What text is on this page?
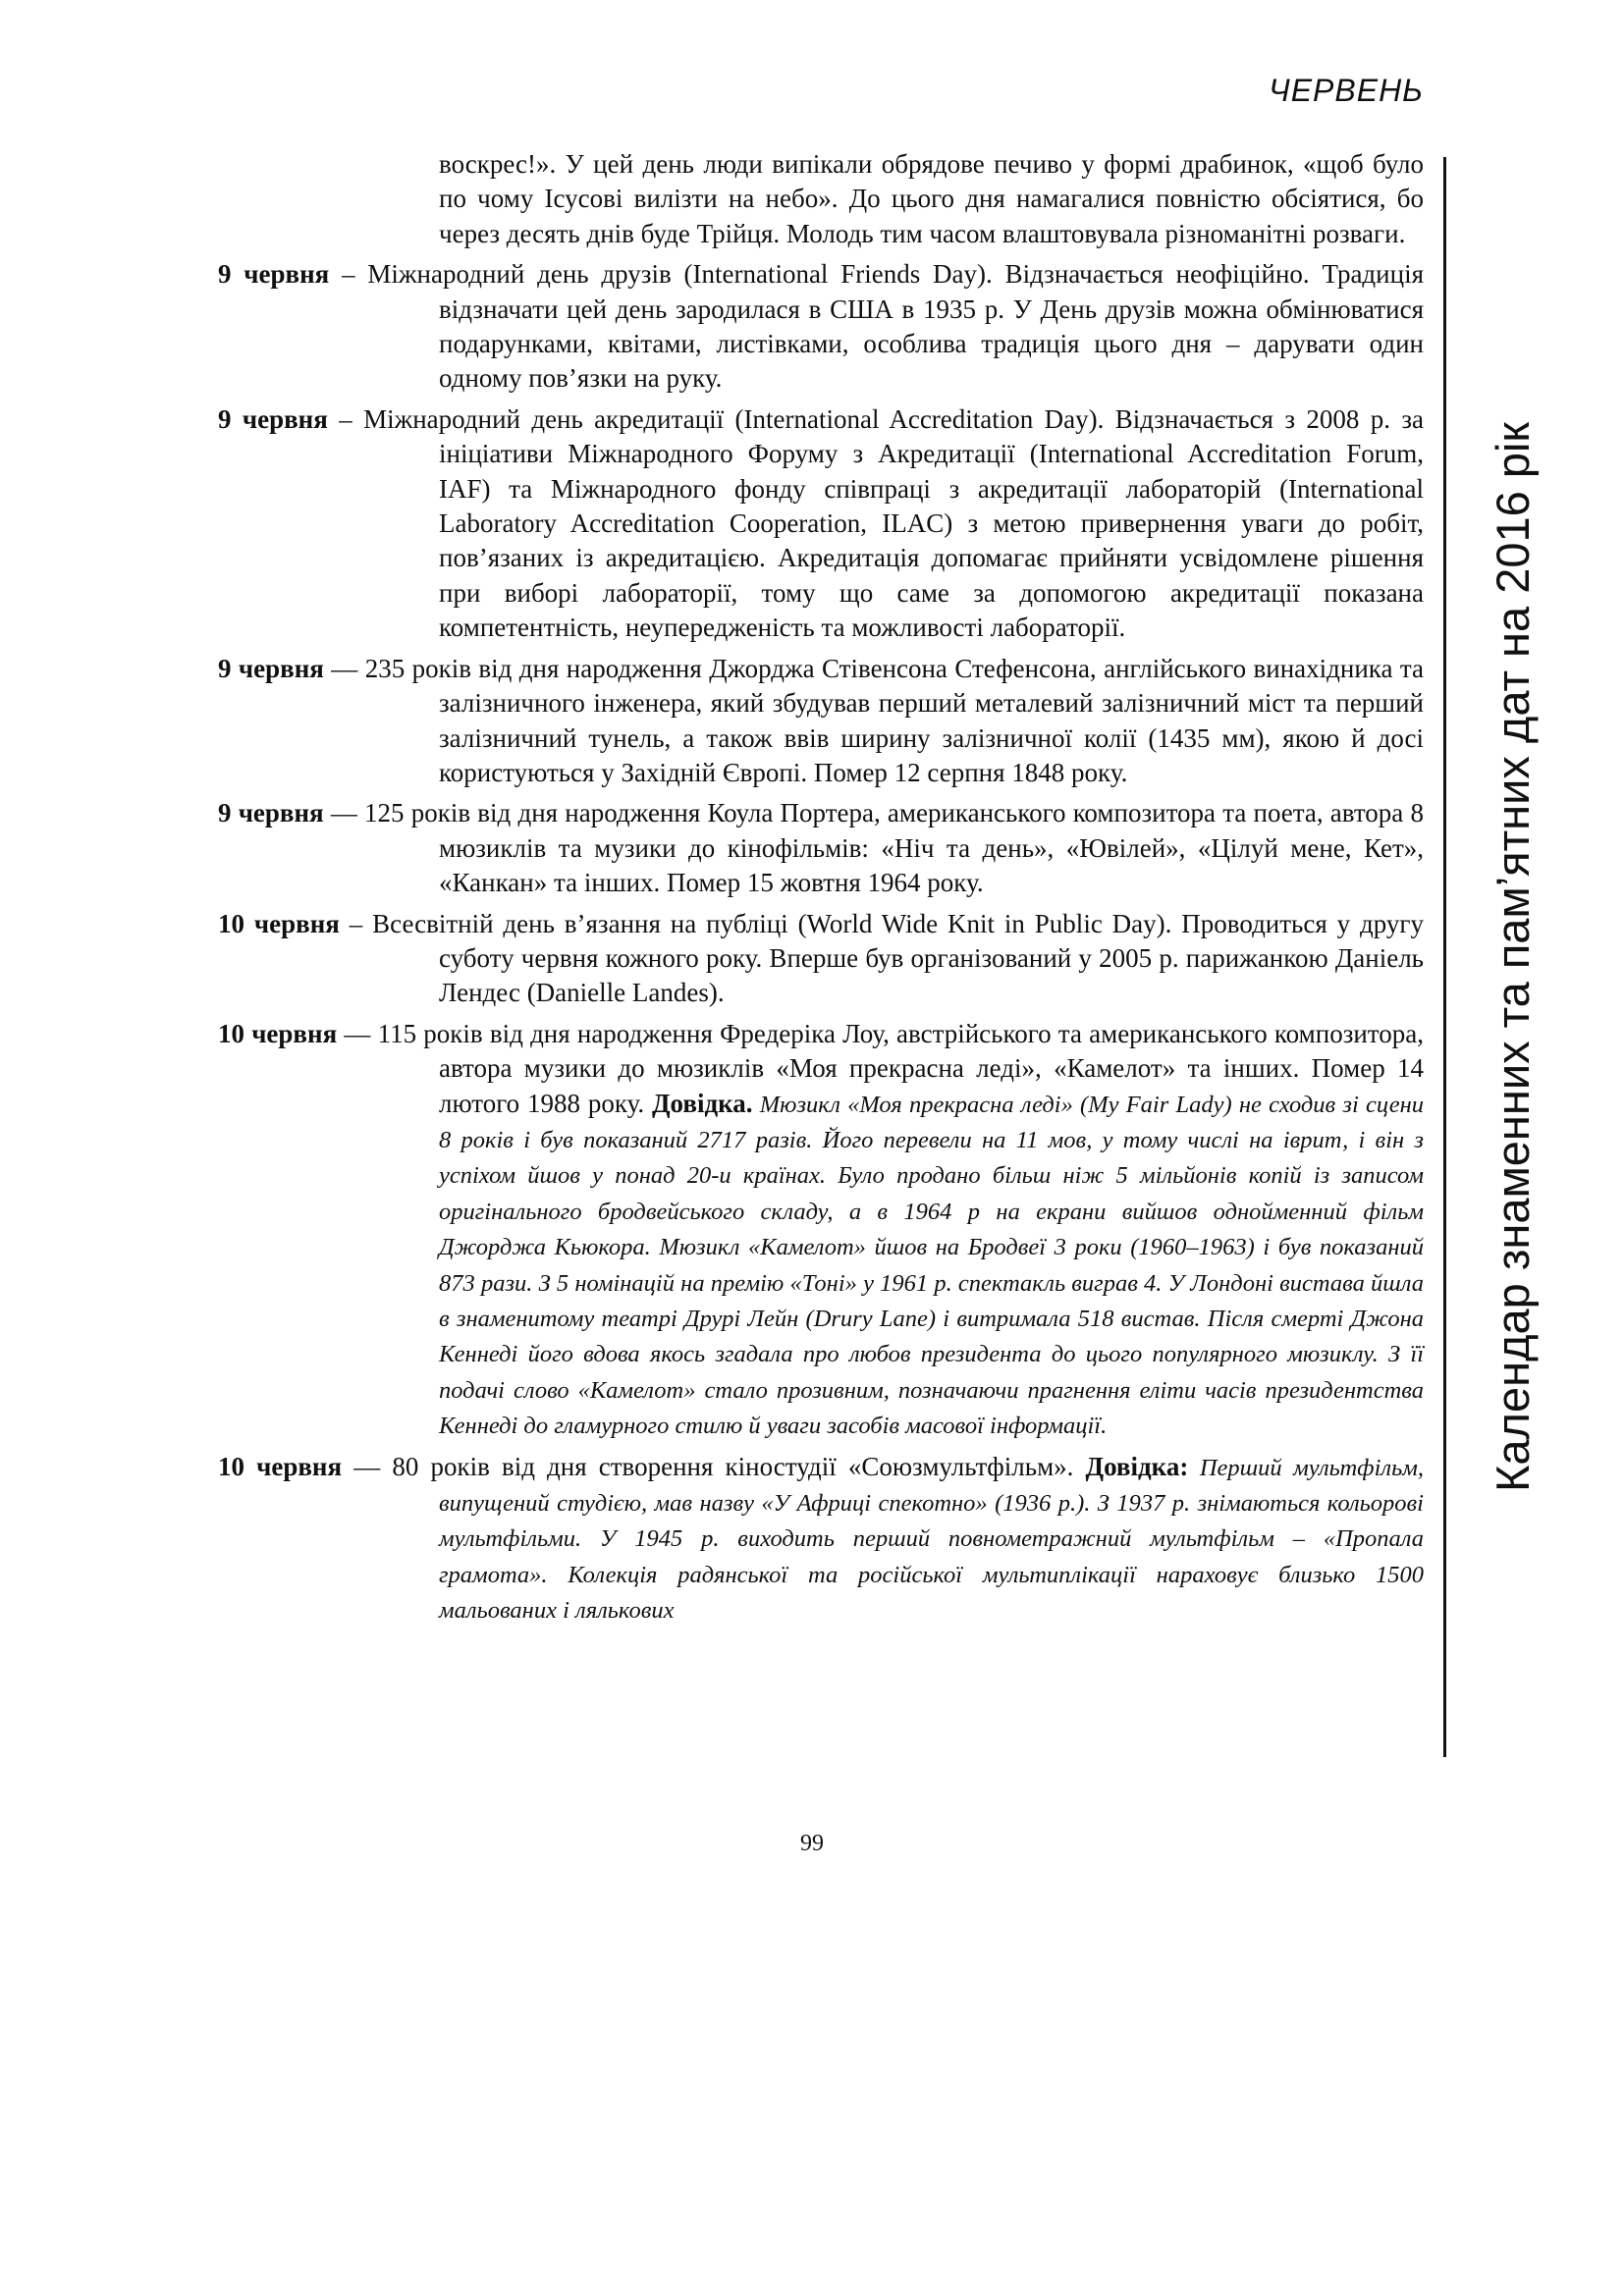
ЧЕРВЕНЬ
Календар знаменних та пам’ятних дат на 2016 рік

воскрес!». У цей день люди випікали обрядове печиво у формі драбинок, «щоб було по чому Ісусові вилізти на небо». До цього дня намагалися повністю обсіятися, бо через десять днів буде Трійця. Молодь тим часом влаштовувала різноманітні розваги.

9 червня – Міжнародний день друзів (International Friends Day). Відзначається неофіційно. Традиція відзначати цей день зародилася в США в 1935 р. У День друзів можна обмінюватися подарунками, квітами, листівками, особлива традиція цього дня – дарувати один одному пов’язки на руку.

9 червня – Міжнародний день акредитації (International Accreditation Day). Відзначається з 2008 р. за ініціативи Міжнародного Форуму з Акредитації (International Accreditation Forum, IAF) та Міжнародного фонду співпраці з акредитації лабораторій (International Laboratory Accreditation Cooperation, ILAC) з метою привернення уваги до робіт, пов’язаних із акредитацією. Акредитація допомагає прийняти усвідомлене рішення при виборі лабораторії, тому що саме за допомогою акредитації показана компетентність, неупередженість та можливості лабораторії.

9 червня — 235 років від дня народження Джорджа Стівенсона Стефенсона, англійського винахідника та залізничного інженера, який збудував перший металевий залізничний міст та перший залізничний тунель, а також ввів ширину залізничної колії (1435 мм), якою й досі користуються у Західній Європі. Помер 12 серпня 1848 року.

9 червня — 125 років від дня народження Коула Портера, американського композитора та поета, автора 8 мюзиклів та музики до кінофільмів: «Ніч та день», «Ювілей», «Цілуй мене, Кет», «Канкан» та інших. Помер 15 жовтня 1964 року.

10 червня – Всесвітній день в’язання на публіці (World Wide Knit in Public Day). Проводиться у другу суботу червня кожного року. Вперше був організований у 2005 р. парижанкою Даніель Лендес (Danielle Landes).

10 червня — 115 років від дня народження Фредеріка Лоу, австрійського та американського композитора, автора музики до мюзиклів «Моя прекрасна леді», «Камелот» та інших. Помер 14 лютого 1988 року. Довідка. Мюзикл «Моя прекрасна леді» (My Fair Lady) не сходив зі сцени 8 років і був показаний 2717 разів. Його перевели на 11 мов, у тому числі на іврит, і він з успіхом йшов у понад 20-и країнах. Було продано більш ніж 5 мільйонів копій із записом оригінального бродвейського складу, а в 1964 р на екрани вийшов однойменний фільм Джорджа Кьюкора. Мюзикл «Камелот» йшов на Бродвеї 3 роки (1960–1963) і був показаний 873 рази. З 5 номінацій на премію «Тоні» у 1961 р. спектакль виграв 4. У Лондоні вистава йшла в знаменитому театрі Друрі Лейн (Drury Lane) і витримала 518 вистав. Після смерті Джона Кеннеді його вдова якось згадала про любов президента до цього популярного мюзиклу. З її подачі слово «Камелот» стало прозивним, позначаючи прагнення еліти часів президентства Кеннеді до гламурного стилю й уваги засобів масової інформації.

10 червня — 80 років від дня створення кіностудії «Союзмультфільм». Довідка: Перший мультфільм, випущений студією, мав назву «У Африці спекотно» (1936 р.). З 1937 р. знімаються кольорові мультфільми. У 1945 р. виходить перший повнометражний мультфільм – «Пропала грамота». Колекція радянської та російської мультиплікації нараховує близько 1500 мальованих і лялькових

99
